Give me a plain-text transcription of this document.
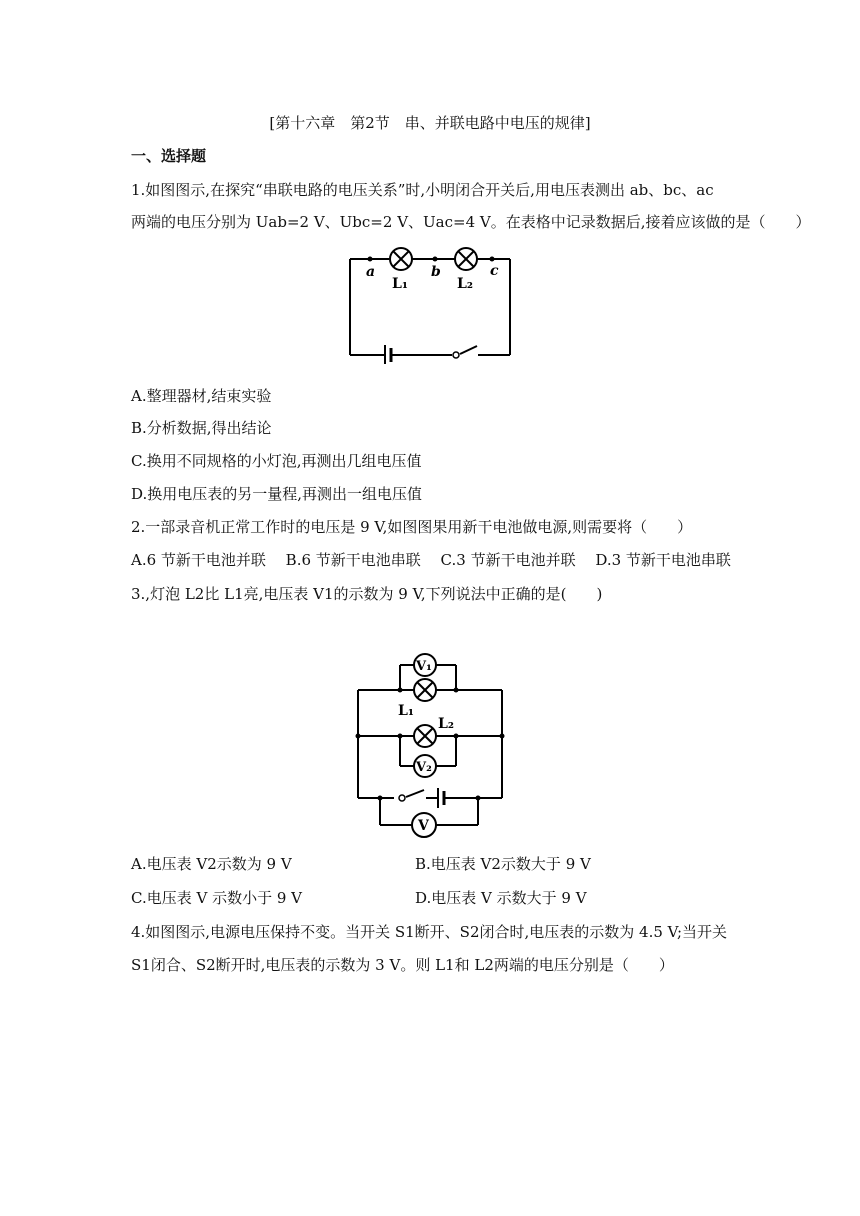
[第十六章　第2节　串、并联电路中电压的规律]
一、选择题
1.如图图示,在探究“串联电路的电压关系”时,小明闭合开关后,用电压表测出 ab、bc、ac
两端的电压分别为 Uab=2 V、Ubc=2 V、Uac=4 V。在表格中记录数据后,接着应该做的是（　　）
a	b	c
L₁	L₂
A.整理器材,结束实验
B.分析数据,得出结论
C.换用不同规格的小灯泡,再测出几组电压值
D.换用电压表的另一量程,再测出一组电压值
2.一部录音机正常工作时的电压是 9 V,如图图果用新干电池做电源,则需要将（　　）
A.6 节新干电池并联　 B.6 节新干电池串联　 C.3 节新干电池并联　 D.3 节新干电池串联
3.,灯泡 L2比 L1亮,电压表 V1的示数为 9 V,下列说法中正确的是(　　)
V₁
V₂
V
L₁
L₂
A.电压表 V2示数为 9 V	B.电压表 V2示数大于 9 V
C.电压表 V 示数小于 9 V	D.电压表 V 示数大于 9 V
4.如图图示,电源电压保持不变。当开关 S1断开、S2闭合时,电压表的示数为 4.5 V;当开关
S1闭合、S2断开时,电压表的示数为 3 V。则 L1和 L2两端的电压分别是（　　）
